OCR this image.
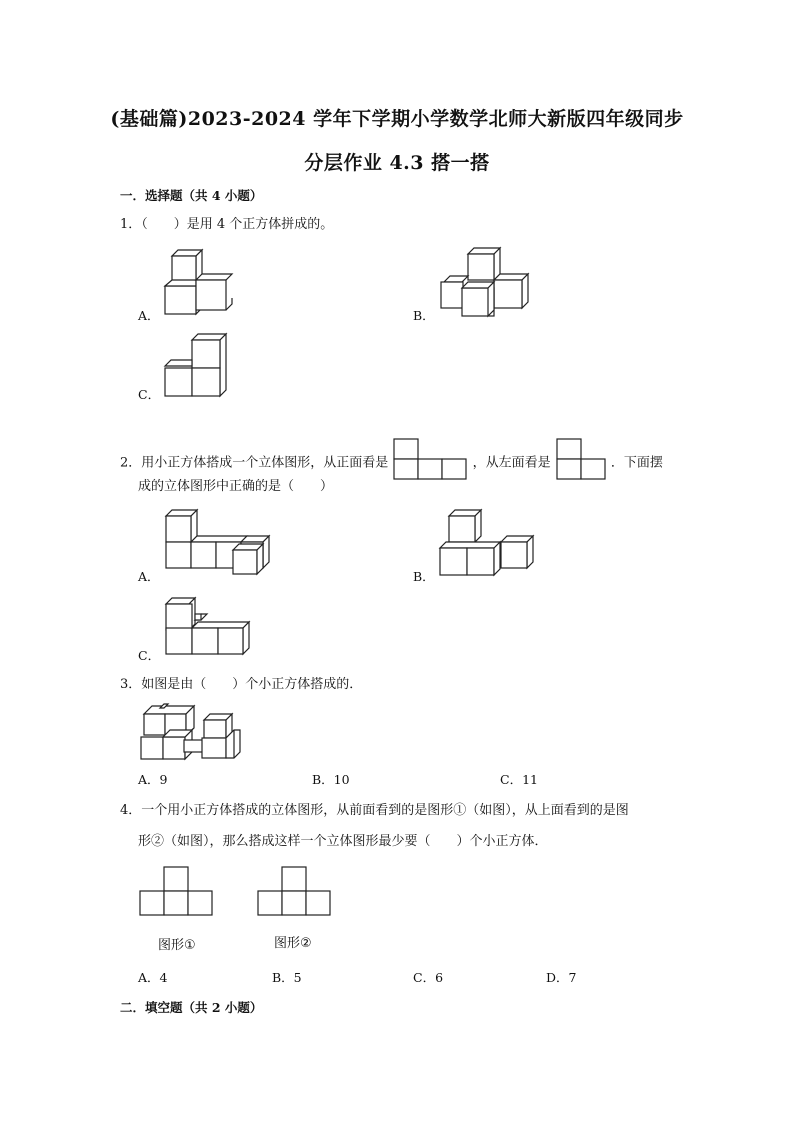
(基础篇)2023-2024 学年下学期小学数学北师大新版四年级同步
分层作业 4.3 搭一搭
一．选择题（共 4 小题）
1．（　　）是用 4 个正方体拼成的。
A．	B．
C．
2．用小正方体搭成一个立体图形，从正面看是	，从左面看是	．下面摆
成的立体图形中正确的是（　　）
A．	B．
C．
3．如图是由（　　）个小正方体搭成的．
A．9	B．10	C．11
4．一个用小正方体搭成的立体图形，从前面看到的是图形①（如图），从上面看到的是图
形②（如图），那么搭成这样一个立体图形最少要（　　）个小正方体．
图形①	图形②
A．4	B．5	C．6	D．7
二．填空题（共 2 小题）
